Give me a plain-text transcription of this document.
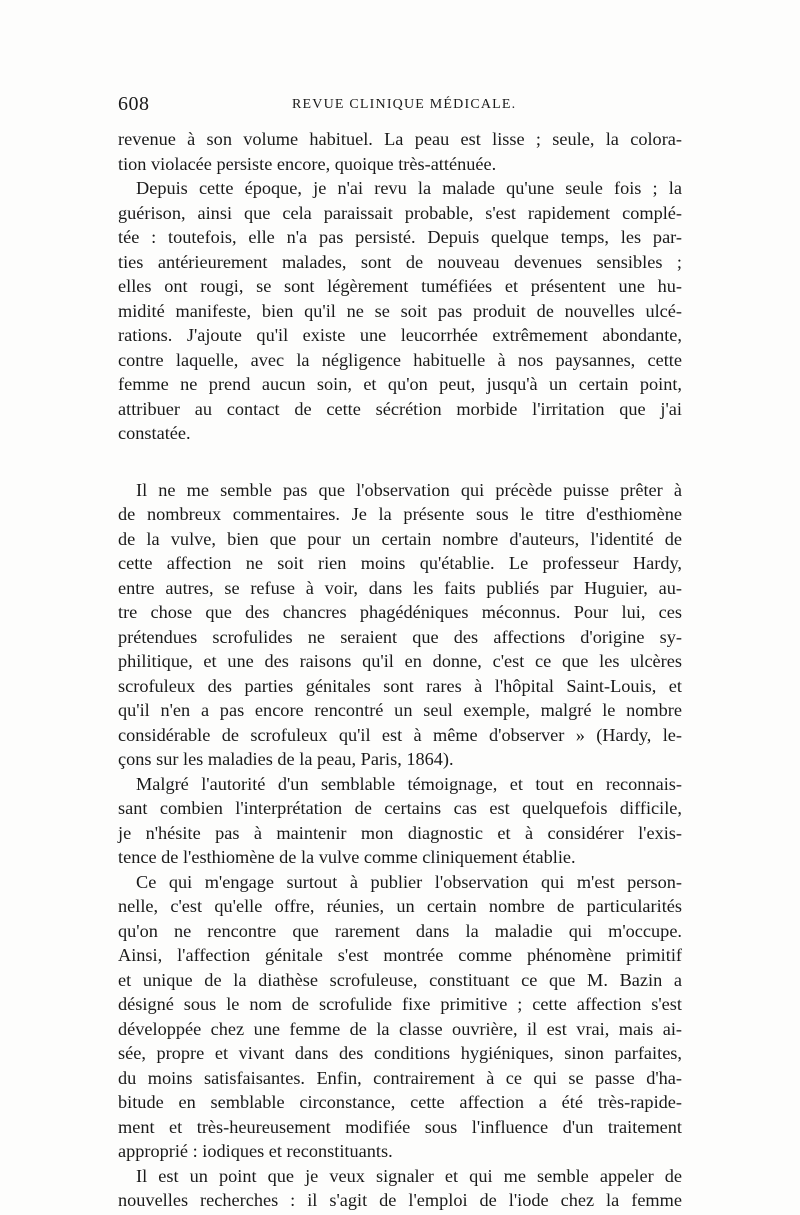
608	REVUE CLINIQUE MÉDICALE.
revenue à son volume habituel. La peau est lisse ; seule, la colora-
tion violacée persiste encore, quoique très-atténuée.
Depuis cette époque, je n'ai revu la malade qu'une seule fois ; la
guérison, ainsi que cela paraissait probable, s'est rapidement complé-
tée : toutefois, elle n'a pas persisté. Depuis quelque temps, les par-
ties antérieurement malades, sont de nouveau devenues sensibles ;
elles ont rougi, se sont légèrement tuméfiées et présentent une hu-
midité manifeste, bien qu'il ne se soit pas produit de nouvelles ulcé-
rations. J'ajoute qu'il existe une leucorrhée extrêmement abondante,
contre laquelle, avec la négligence habituelle à nos paysannes, cette
femme ne prend aucun soin, et qu'on peut, jusqu'à un certain point,
attribuer au contact de cette sécrétion morbide l'irritation que j'ai
constatée.
Il ne me semble pas que l'observation qui précède puisse prêter à
de nombreux commentaires. Je la présente sous le titre d'esthiomène
de la vulve, bien que pour un certain nombre d'auteurs, l'identité de
cette affection ne soit rien moins qu'établie. Le professeur Hardy,
entre autres, se refuse à voir, dans les faits publiés par Huguier, au-
tre chose que des chancres phagédéniques méconnus. Pour lui, ces
prétendues scrofulides ne seraient que des affections d'origine sy-
philitique, et une des raisons qu'il en donne, c'est ce que les ulcères
scrofuleux des parties génitales sont rares à l'hôpital Saint-Louis, et
qu'il n'en a pas encore rencontré un seul exemple, malgré le nombre
considérable de scrofuleux qu'il est à même d'observer » (Hardy, le-
çons sur les maladies de la peau, Paris, 1864).
Malgré l'autorité d'un semblable témoignage, et tout en reconnais-
sant combien l'interprétation de certains cas est quelquefois difficile,
je n'hésite pas à maintenir mon diagnostic et à considérer l'exis-
tence de l'esthiomène de la vulve comme cliniquement établie.
Ce qui m'engage surtout à publier l'observation qui m'est person-
nelle, c'est qu'elle offre, réunies, un certain nombre de particularités
qu'on ne rencontre que rarement dans la maladie qui m'occupe.
Ainsi, l'affection génitale s'est montrée comme phénomène primitif
et unique de la diathèse scrofuleuse, constituant ce que M. Bazin a
désigné sous le nom de scrofulide fixe primitive ; cette affection s'est
développée chez une femme de la classe ouvrière, il est vrai, mais ai-
sée, propre et vivant dans des conditions hygiéniques, sinon parfaites,
du moins satisfaisantes. Enfin, contrairement à ce qui se passe d'ha-
bitude en semblable circonstance, cette affection a été très-rapide-
ment et très-heureusement modifiée sous l'influence d'un traitement
approprié : iodiques et reconstituants.
Il est un point que je veux signaler et qui me semble appeler de
nouvelles recherches : il s'agit de l'emploi de l'iode chez la femme
